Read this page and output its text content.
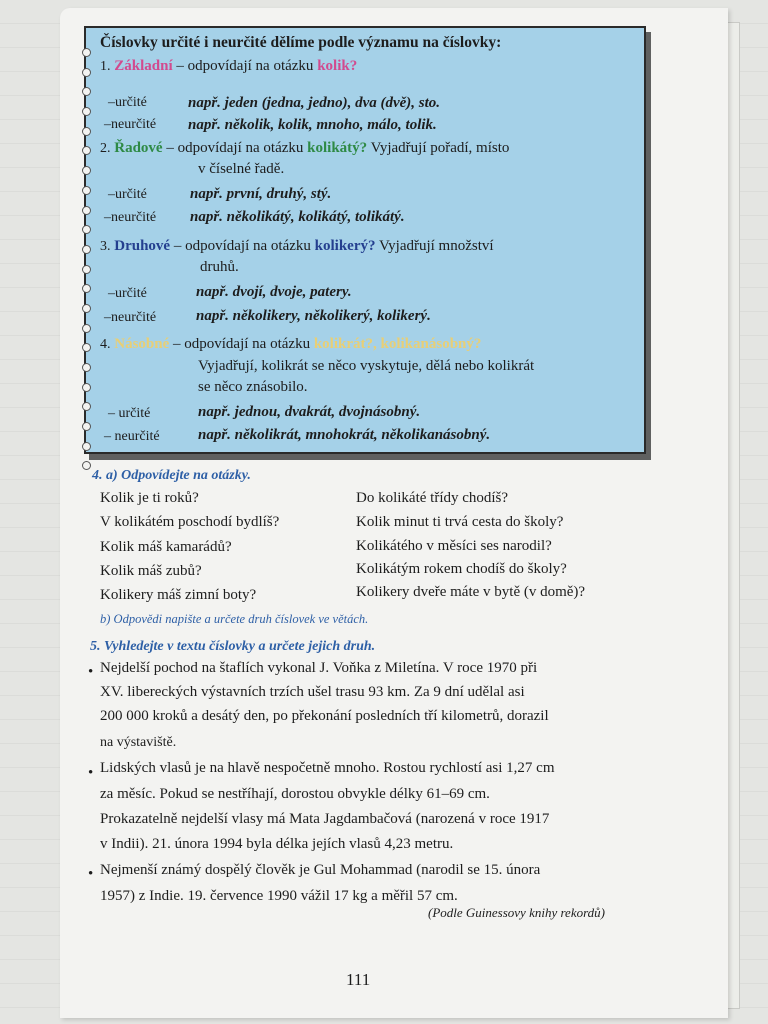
Číslovky určité i neurčité dělíme podle významu na číslovky:
1. Základní – odpovídají na otázku kolik?
–určité	např. jeden (jedna, jedno), dva (dvě), sto.
–neurčité např. několik, kolik, mnoho, málo, tolik.
2. Řadové – odpovídají na otázku kolikátý? Vyjadřují pořadí, místo
v číselné řadě.
–určité	např. první, druhý, stý.
–neurčité např. několikátý, kolikátý, tolikátý.
3. Druhové – odpovídají na otázku kolikerý? Vyjadřují množství
druhů.
–určité	např. dvojí, dvoje, patery.
–neurčité	např. několikery, několikerý, kolikerý.
4. Násobné – odpovídají na otázku kolikrát?, kolikanásobný?
Vyjadřují, kolikrát se něco vyskytuje, dělá nebo kolikrát
se něco znásobilo.
– určité	např. jednou, dvakrát, dvojnásobný.
– neurčité	např. několikrát, mnohokrát, několikanásobný.
4. a) Odpovídejte na otázky.
Kolik je ti roků?
V kolikátém poschodí bydlíš?
Kolik máš kamarádů?
Kolik máš zubů?
Kolikery máš zimní boty?
Do kolikáté třídy chodíš?
Kolik minut ti trvá cesta do školy?
Kolikátého v měsíci ses narodil?
Kolikátým rokem chodíš do školy?
Kolikery dveře máte v bytě (v domě)?
b) Odpovědi napište a určete druh číslovek ve větách.
5. Vyhledejte v textu číslovky a určete jejich druh.
• Nejdelší pochod na štaflích vykonal J. Voňka z Miletína. V roce 1970 při
XV. libereckých výstavních trzích ušel trasu 93 km. Za 9 dní udělal asi
200 000 kroků a desátý den, po překonání posledních tří kilometrů, dorazil
na výstaviště.
• Lidských vlasů je na hlavě nespočetně mnoho. Rostou rychlostí asi 1,27 cm
za měsíc. Pokud se nestříhají, dorostou obvykle délky 61–69 cm.
Prokazatelně nejdelší vlasy má Mata Jagdambačová (narozená v roce 1917
v Indii). 21. února 1994 byla délka jejích vlasů 4,23 metru.
• Nejmenší známý dospělý člověk je Gul Mohammad (narodil se 15. února
1957) z Indie. 19. července 1990 vážil 17 kg a měřil 57 cm.
(Podle Guinessovy knihy rekordů)
111
